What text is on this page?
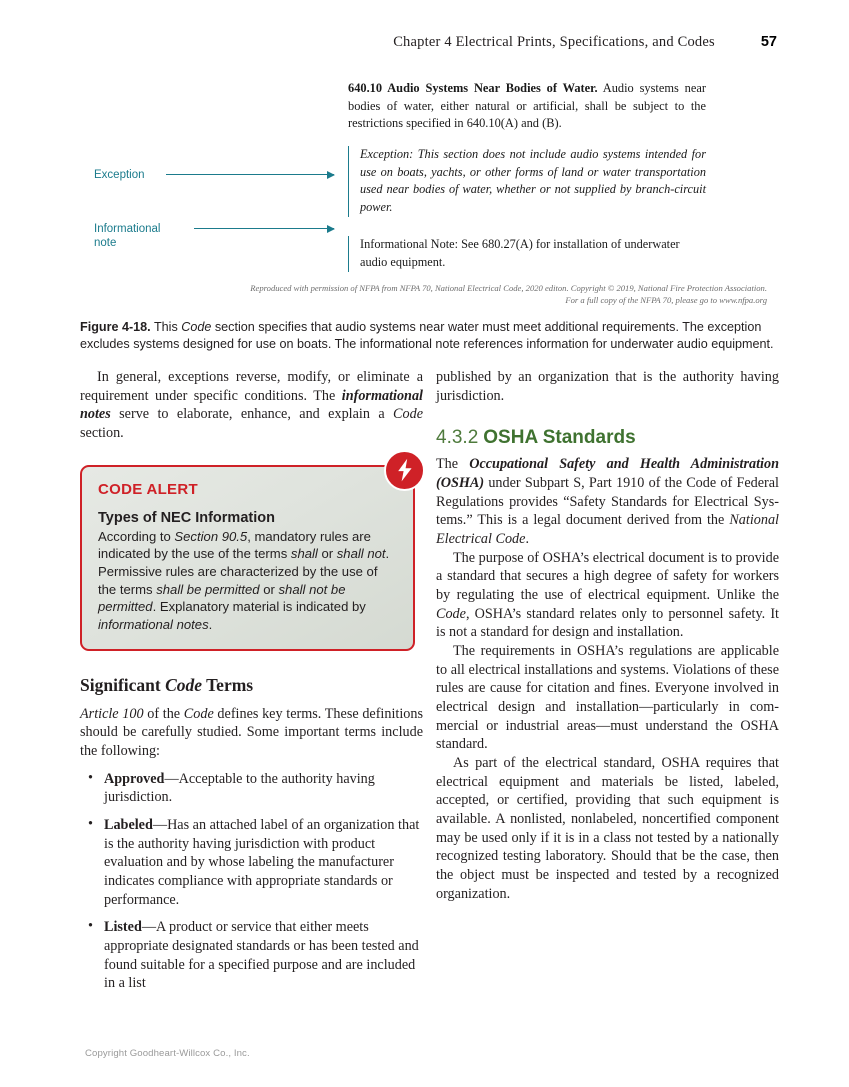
Chapter 4 Electrical Prints, Specifications, and Codes	57
Exception
Informational
note
640.10 Audio Systems Near Bodies of Water. Audio systems near bodies of water, either natural or artificial, shall be subject to the restrictions specified in 640.10(A) and (B).
Exception: This section does not include audio systems intended for use on boats, yachts, or other forms of land or water transportation used near bodies of water, whether or not supplied by branch-circuit power.
Informational Note: See 680.27(A) for installation of underwater audio equipment.
Reproduced with permission of NFPA from NFPA 70, National Electrical Code, 2020 editon. Copyright © 2019, National Fire Protection Association.
For a full copy of the NFPA 70, please go to www.nfpa.org
Figure 4-18. This Code section specifies that audio systems near water must meet additional requirements. The exception excludes systems designed for use on boats. The informational note references information for underwater audio equipment.

In general, exceptions reverse, modify, or eliminate a requirement under specific conditions. The informational notes serve to elaborate, enhance, and explain a Code section.

CODE ALERT

Types of NEC Information

According to Section 90.5, mandatory rules are indicated by the use of the terms shall or shall not. Permissive rules are characterized by the use of the terms shall be permitted or shall not be permitted. Explanatory material is indicated by informational notes.

Significant Code Terms

Article 100 of the Code defines key terms. These definitions should be carefully studied. Some important terms include the following:

• Approved—Acceptable to the authority having jurisdiction.
• Labeled—Has an attached label of an organization that is the authority having jurisdiction with product evaluation and by whose labeling the manufacturer indicates compliance with appropriate standards or performance.
• Listed—A product or service that either meets appropriate designated standards or has been tested and found suitable for a specified purpose and are included in a list

published by an organization that is the authority having jurisdiction.

4.3.2 OSHA Standards

The Occupational Safety and Health Administration (OSHA) under Subpart S, Part 1910 of the Code of Federal Regulations provides “Safety Standards for Electrical Systems.” This is a legal document derived from the National Electrical Code.

The purpose of OSHA’s electrical document is to provide a standard that secures a high degree of safety for workers by regulating the use of electrical equipment. Unlike the Code, OSHA’s standard relates only to personnel safety. It is not a standard for design and installation.

The requirements in OSHA’s regulations are applicable to all electrical installations and systems. Violations of these rules are cause for citation and fines. Everyone involved in electrical design and installation—particularly in commercial or industrial areas—must understand the OSHA standard.

As part of the electrical standard, OSHA requires that electrical equipment and materials be listed, labeled, accepted, or certified, providing that such equipment is available. A nonlisted, nonlabeled, noncertified component may be used only if it is in a class not tested by a nationally recognized testing laboratory. Should that be the case, then the object must be inspected and tested by a recognized organization.

Copyright Goodheart-Willcox Co., Inc.
